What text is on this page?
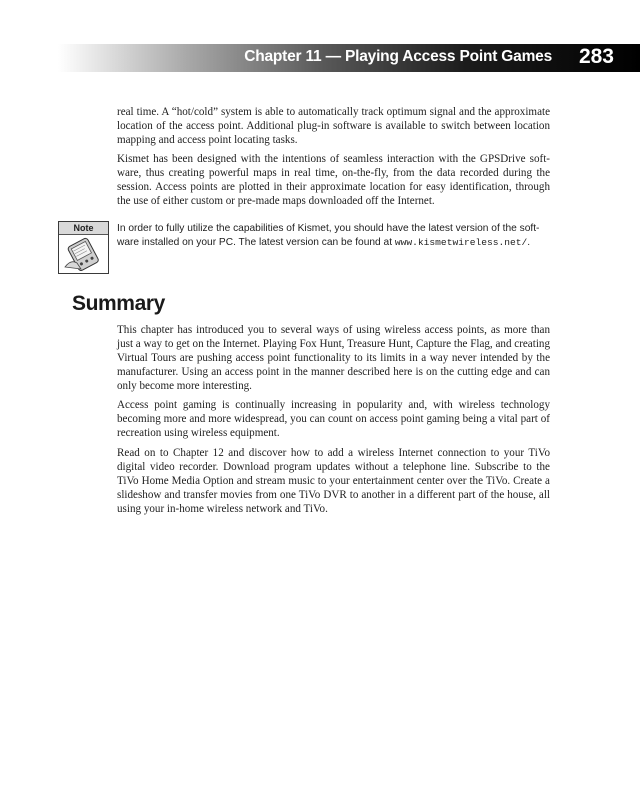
Chapter 11 — Playing Access Point Games 283

real time. A “hot/cold” system is able to automatically track optimum signal and the approximate location of the access point. Additional plug-in software is available to switch between location mapping and access point locating tasks.

Kismet has been designed with the intentions of seamless interaction with the GPSDrive software, thus creating powerful maps in real time, on-the-fly, from the data recorded during the session. Access points are plotted in their approximate location for easy identification, through the use of either custom or pre-made maps downloaded off the Internet.

Note	In order to fully utilize the capabilities of Kismet, you should have the latest version of the software installed on your PC. The latest version can be found at www.kismetwireless.net/.
Summary

This chapter has introduced you to several ways of using wireless access points, as more than just a way to get on the Internet. Playing Fox Hunt, Treasure Hunt, Capture the Flag, and creating Virtual Tours are pushing access point functionality to its limits in a way never intended by the manufacturer. Using an access point in the manner described here is on the cutting edge and can only become more interesting.

Access point gaming is continually increasing in popularity and, with wireless technology becoming more and more widespread, you can count on access point gaming being a vital part of recreation using wireless equipment.

Read on to Chapter 12 and discover how to add a wireless Internet connection to your TiVo digital video recorder. Download program updates without a telephone line. Subscribe to the TiVo Home Media Option and stream music to your entertainment center over the TiVo. Create a slideshow and transfer movies from one TiVo DVR to another in a different part of the house, all using your in-home wireless network and TiVo.
